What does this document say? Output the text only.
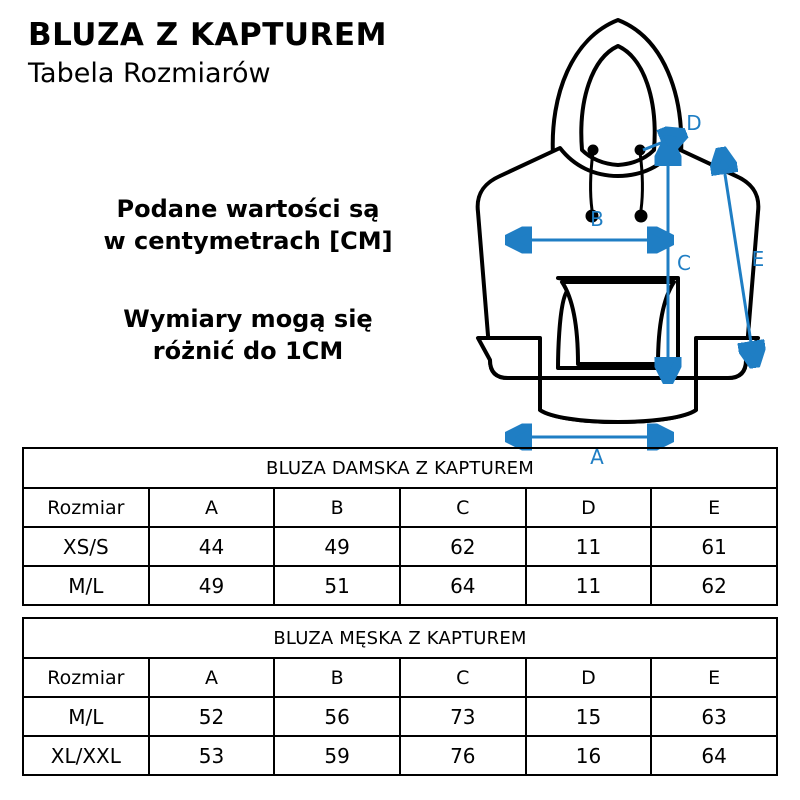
BLUZA Z KAPTUREM
Tabela Rozmiarów
Podane wartości są
w centymetrach [CM]
Wymiary mogą się
różnić do 1CM
A
B
C
D
E
BLUZA DAMSKA Z KAPTUREM					
Rozmiar	A	B	C	D	E
XS/S	44	49	62	11	61
M/L	49	51	64	11	62
BLUZA MĘSKA Z KAPTUREM					
Rozmiar	A	B	C	D	E
M/L	52	56	73	15	63
XL/XXL	53	59	76	16	64
